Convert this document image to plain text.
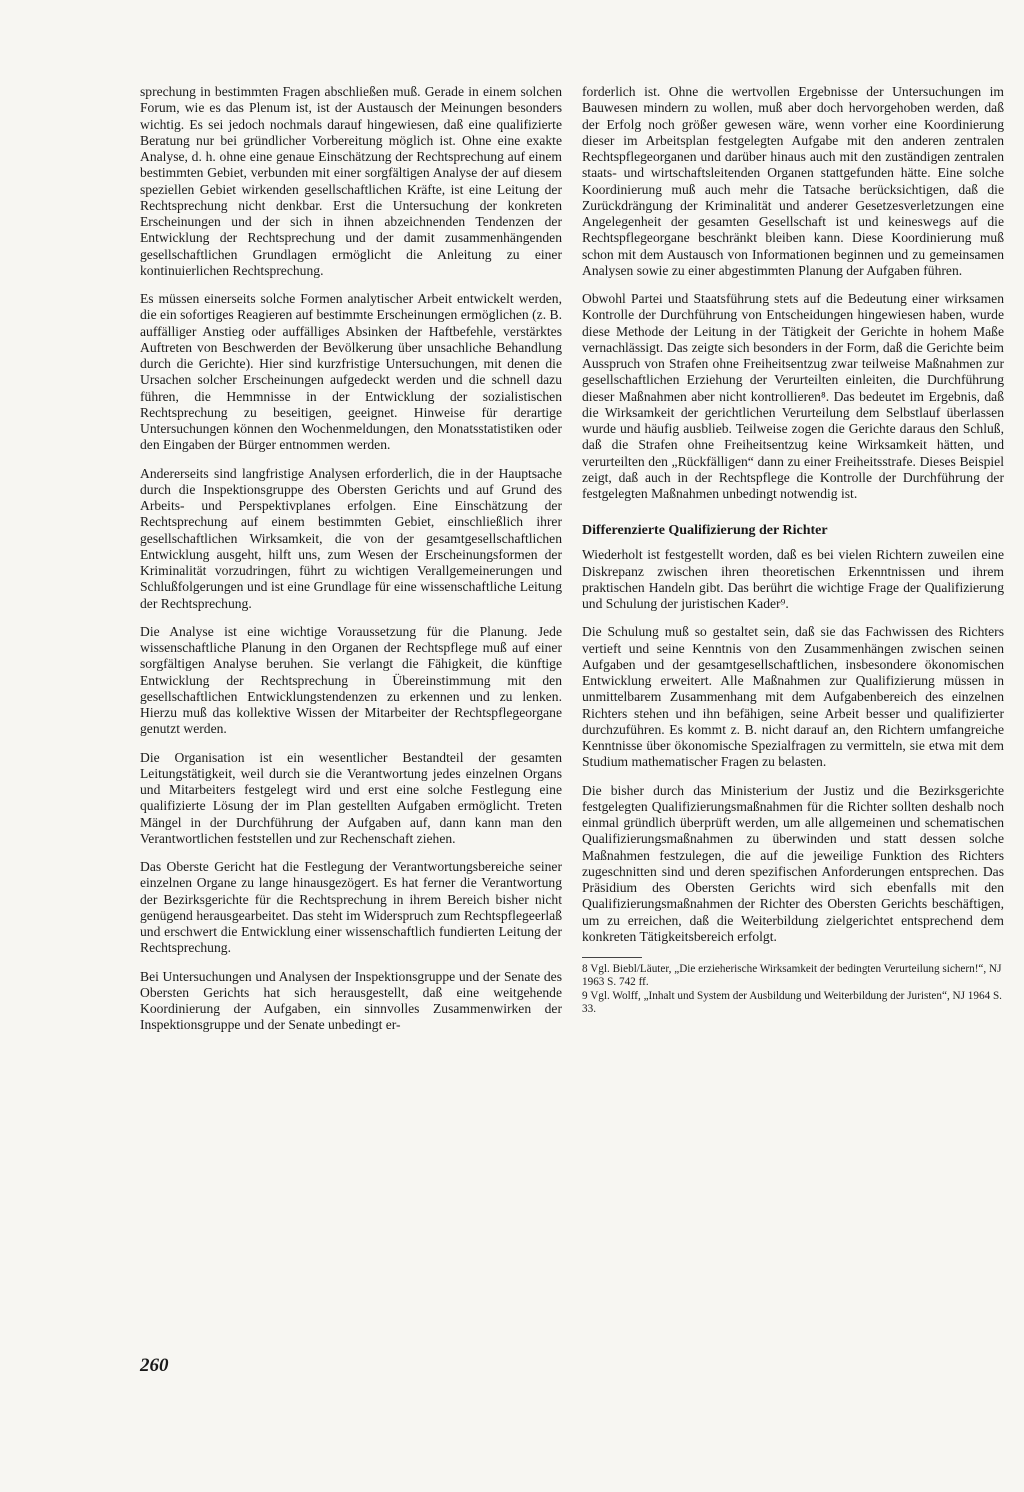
sprechung in bestimmten Fragen abschließen muß. Gerade in einem solchen Forum, wie es das Plenum ist, ist der Austausch der Meinungen besonders wichtig. Es sei jedoch nochmals darauf hingewiesen, daß eine qualifizierte Beratung nur bei gründlicher Vorbereitung möglich ist. Ohne eine exakte Analyse, d. h. ohne eine genaue Einschätzung der Rechtsprechung auf einem bestimmten Gebiet, verbunden mit einer sorgfältigen Analyse der auf diesem speziellen Gebiet wirkenden gesellschaftlichen Kräfte, ist eine Leitung der Rechtsprechung nicht denkbar. Erst die Untersuchung der konkreten Erscheinungen und der sich in ihnen abzeichnenden Tendenzen der Entwicklung der Rechtsprechung und der damit zusammenhängenden gesellschaftlichen Grundlagen ermöglicht die Anleitung zu einer kontinuierlichen Rechtsprechung.

Es müssen einerseits solche Formen analytischer Arbeit entwickelt werden, die ein sofortiges Reagieren auf bestimmte Erscheinungen ermöglichen (z. B. auffälliger Anstieg oder auffälliges Absinken der Haftbefehle, verstärktes Auftreten von Beschwerden der Bevölkerung über unsachliche Behandlung durch die Gerichte). Hier sind kurzfristige Untersuchungen, mit denen die Ursachen solcher Erscheinungen aufgedeckt werden und die schnell dazu führen, die Hemmnisse in der Entwicklung der sozialistischen Rechtsprechung zu beseitigen, geeignet. Hinweise für derartige Untersuchungen können den Wochenmeldungen, den Monatsstatistiken oder den Eingaben der Bürger entnommen werden.

Andererseits sind langfristige Analysen erforderlich, die in der Hauptsache durch die Inspektionsgruppe des Obersten Gerichts und auf Grund des Arbeits- und Perspektivplanes erfolgen. Eine Einschätzung der Rechtsprechung auf einem bestimmten Gebiet, einschließlich ihrer gesellschaftlichen Wirksamkeit, die von der gesamtgesellschaftlichen Entwicklung ausgeht, hilft uns, zum Wesen der Erscheinungsformen der Kriminalität vorzudringen, führt zu wichtigen Verallgemeinerungen und Schlußfolgerungen und ist eine Grundlage für eine wissenschaftliche Leitung der Rechtsprechung.

Die Analyse ist eine wichtige Voraussetzung für die Planung. Jede wissenschaftliche Planung in den Organen der Rechtspflege muß auf einer sorgfältigen Analyse beruhen. Sie verlangt die Fähigkeit, die künftige Entwicklung der Rechtsprechung in Übereinstimmung mit den gesellschaftlichen Entwicklungstendenzen zu erkennen und zu lenken. Hierzu muß das kollektive Wissen der Mitarbeiter der Rechtspflegeorgane genutzt werden.

Die Organisation ist ein wesentlicher Bestandteil der gesamten Leitungstätigkeit, weil durch sie die Verantwortung jedes einzelnen Organs und Mitarbeiters festgelegt wird und erst eine solche Festlegung eine qualifizierte Lösung der im Plan gestellten Aufgaben ermöglicht. Treten Mängel in der Durchführung der Aufgaben auf, dann kann man den Verantwortlichen feststellen und zur Rechenschaft ziehen.

Das Oberste Gericht hat die Festlegung der Verantwortungsbereiche seiner einzelnen Organe zu lange hinausgezögert. Es hat ferner die Verantwortung der Bezirksgerichte für die Rechtsprechung in ihrem Bereich bisher nicht genügend herausgearbeitet. Das steht im Widerspruch zum Rechtspflegeerlaß und erschwert die Entwicklung einer wissenschaftlich fundierten Leitung der Rechtsprechung.

Bei Untersuchungen und Analysen der Inspektionsgruppe und der Senate des Obersten Gerichts hat sich herausgestellt, daß eine weitgehende Koordinierung der Aufgaben, ein sinnvolles Zusammenwirken der Inspektionsgruppe und der Senate unbedingt er-

forderlich ist. Ohne die wertvollen Ergebnisse der Untersuchungen im Bauwesen mindern zu wollen, muß aber doch hervorgehoben werden, daß der Erfolg noch größer gewesen wäre, wenn vorher eine Koordinierung dieser im Arbeitsplan festgelegten Aufgabe mit den anderen zentralen Rechtspflegeorganen und darüber hinaus auch mit den zuständigen zentralen staats- und wirtschaftsleitenden Organen stattgefunden hätte. Eine solche Koordinierung muß auch mehr die Tatsache berücksichtigen, daß die Zurückdrängung der Kriminalität und anderer Gesetzesverletzungen eine Angelegenheit der gesamten Gesellschaft ist und keineswegs auf die Rechtspflegeorgane beschränkt bleiben kann. Diese Koordinierung muß schon mit dem Austausch von Informationen beginnen und zu gemeinsamen Analysen sowie zu einer abgestimmten Planung der Aufgaben führen.

Obwohl Partei und Staatsführung stets auf die Bedeutung einer wirksamen Kontrolle der Durchführung von Entscheidungen hingewiesen haben, wurde diese Methode der Leitung in der Tätigkeit der Gerichte in hohem Maße vernachlässigt. Das zeigte sich besonders in der Form, daß die Gerichte beim Ausspruch von Strafen ohne Freiheitsentzug zwar teilweise Maßnahmen zur gesellschaftlichen Erziehung der Verurteilten einleiten, die Durchführung dieser Maßnahmen aber nicht kontrollieren⁸. Das bedeutet im Ergebnis, daß die Wirksamkeit der gerichtlichen Verurteilung dem Selbstlauf überlassen wurde und häufig ausblieb. Teilweise zogen die Gerichte daraus den Schluß, daß die Strafen ohne Freiheitsentzug keine Wirksamkeit hätten, und verurteilten den „Rückfälligen“ dann zu einer Freiheitsstrafe. Dieses Beispiel zeigt, daß auch in der Rechtspflege die Kontrolle der Durchführung der festgelegten Maßnahmen unbedingt notwendig ist.

Differenzierte Qualifizierung der Richter

Wiederholt ist festgestellt worden, daß es bei vielen Richtern zuweilen eine Diskrepanz zwischen ihren theoretischen Erkenntnissen und ihrem praktischen Handeln gibt. Das berührt die wichtige Frage der Qualifizierung und Schulung der juristischen Kader⁹.

Die Schulung muß so gestaltet sein, daß sie das Fachwissen des Richters vertieft und seine Kenntnis von den Zusammenhängen zwischen seinen Aufgaben und der gesamtgesellschaftlichen, insbesondere ökonomischen Entwicklung erweitert. Alle Maßnahmen zur Qualifizierung müssen in unmittelbarem Zusammenhang mit dem Aufgabenbereich des einzelnen Richters stehen und ihn befähigen, seine Arbeit besser und qualifizierter durchzuführen. Es kommt z. B. nicht darauf an, den Richtern umfangreiche Kenntnisse über ökonomische Spezialfragen zu vermitteln, sie etwa mit dem Studium mathematischer Fragen zu belasten.

Die bisher durch das Ministerium der Justiz und die Bezirksgerichte festgelegten Qualifizierungsmaßnahmen für die Richter sollten deshalb noch einmal gründlich überprüft werden, um alle allgemeinen und schematischen Qualifizierungsmaßnahmen zu überwinden und statt dessen solche Maßnahmen festzulegen, die auf die jeweilige Funktion des Richters zugeschnitten sind und deren spezifischen Anforderungen entsprechen. Das Präsidium des Obersten Gerichts wird sich ebenfalls mit den Qualifizierungsmaßnahmen der Richter des Obersten Gerichts beschäftigen, um zu erreichen, daß die Weiterbildung zielgerichtet entsprechend dem konkreten Tätigkeitsbereich erfolgt.

8 Vgl. Biebl/Läuter, „Die erzieherische Wirksamkeit der bedingten Verurteilung sichern!“, NJ 1963 S. 742 ff.
9 Vgl. Wolff, „Inhalt und System der Ausbildung und Weiterbildung der Juristen“, NJ 1964 S. 33.
260
